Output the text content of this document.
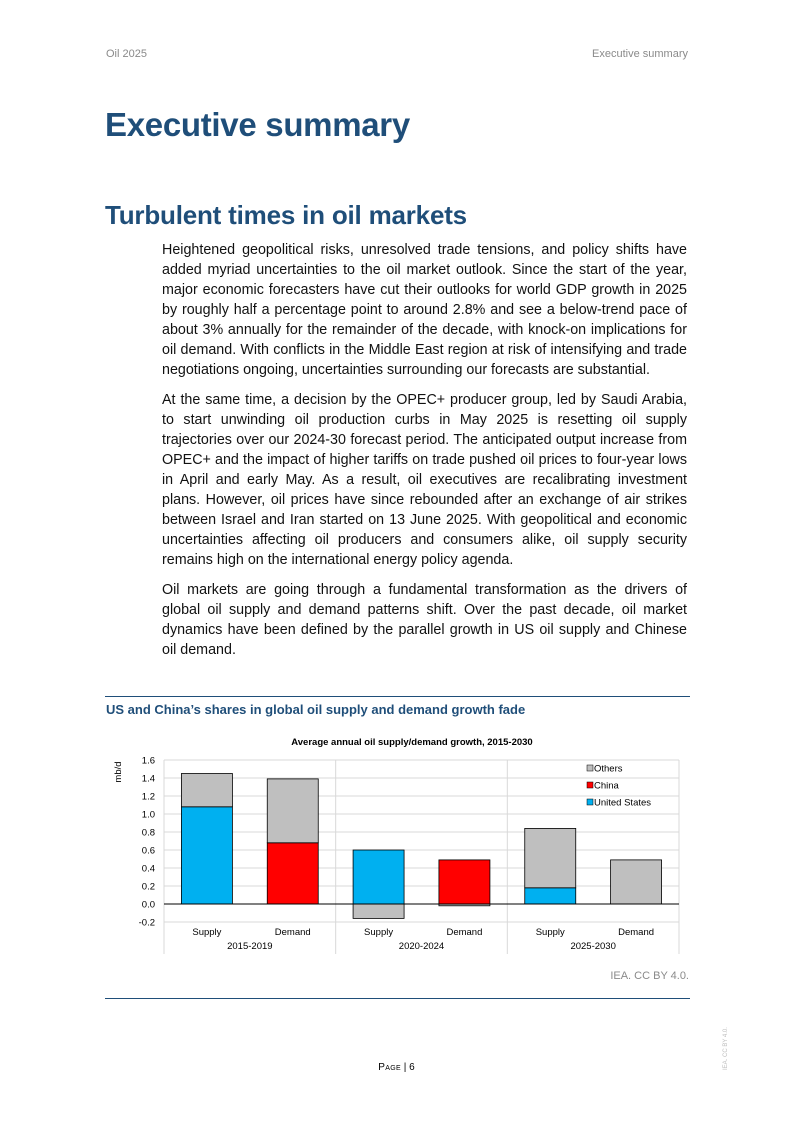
Oil 2025	Executive summary
Executive summary
Turbulent times in oil markets

Heightened geopolitical risks, unresolved trade tensions, and policy shifts have added myriad uncertainties to the oil market outlook. Since the start of the year, major economic forecasters have cut their outlooks for world GDP growth in 2025 by roughly half a percentage point to around 2.8% and see a below-trend pace of about 3% annually for the remainder of the decade, with knock-on implications for oil demand. With conflicts in the Middle East region at risk of intensifying and trade negotiations ongoing, uncertainties surrounding our forecasts are substantial.

At the same time, a decision by the OPEC+ producer group, led by Saudi Arabia, to start unwinding oil production curbs in May 2025 is resetting oil supply trajectories over our 2024-30 forecast period. The anticipated output increase from OPEC+ and the impact of higher tariffs on trade pushed oil prices to four-year lows in April and early May. As a result, oil executives are recalibrating investment plans. However, oil prices have since rebounded after an exchange of air strikes between Israel and Iran started on 13 June 2025. With geopolitical and economic uncertainties affecting oil producers and consumers alike, oil supply security remains high on the international energy policy agenda.

Oil markets are going through a fundamental transformation as the drivers of global oil supply and demand patterns shift. Over the past decade, oil market dynamics have been defined by the parallel growth in US oil supply and Chinese oil demand.

US and China’s shares in global oil supply and demand growth fade
Average annual oil supply/demand growth, 2015-2030
-0.2
0.0
0.2
0.4
0.6
0.8
1.0
1.2
1.4
1.6
mb/d
Supply	Demand	Supply	Demand	Supply	Demand
2015-2019	2020-2024	2025-2030
Others
China
United States
IEA. CC BY 4.0.
Page | 6	IEA. CC BY 4.0.
